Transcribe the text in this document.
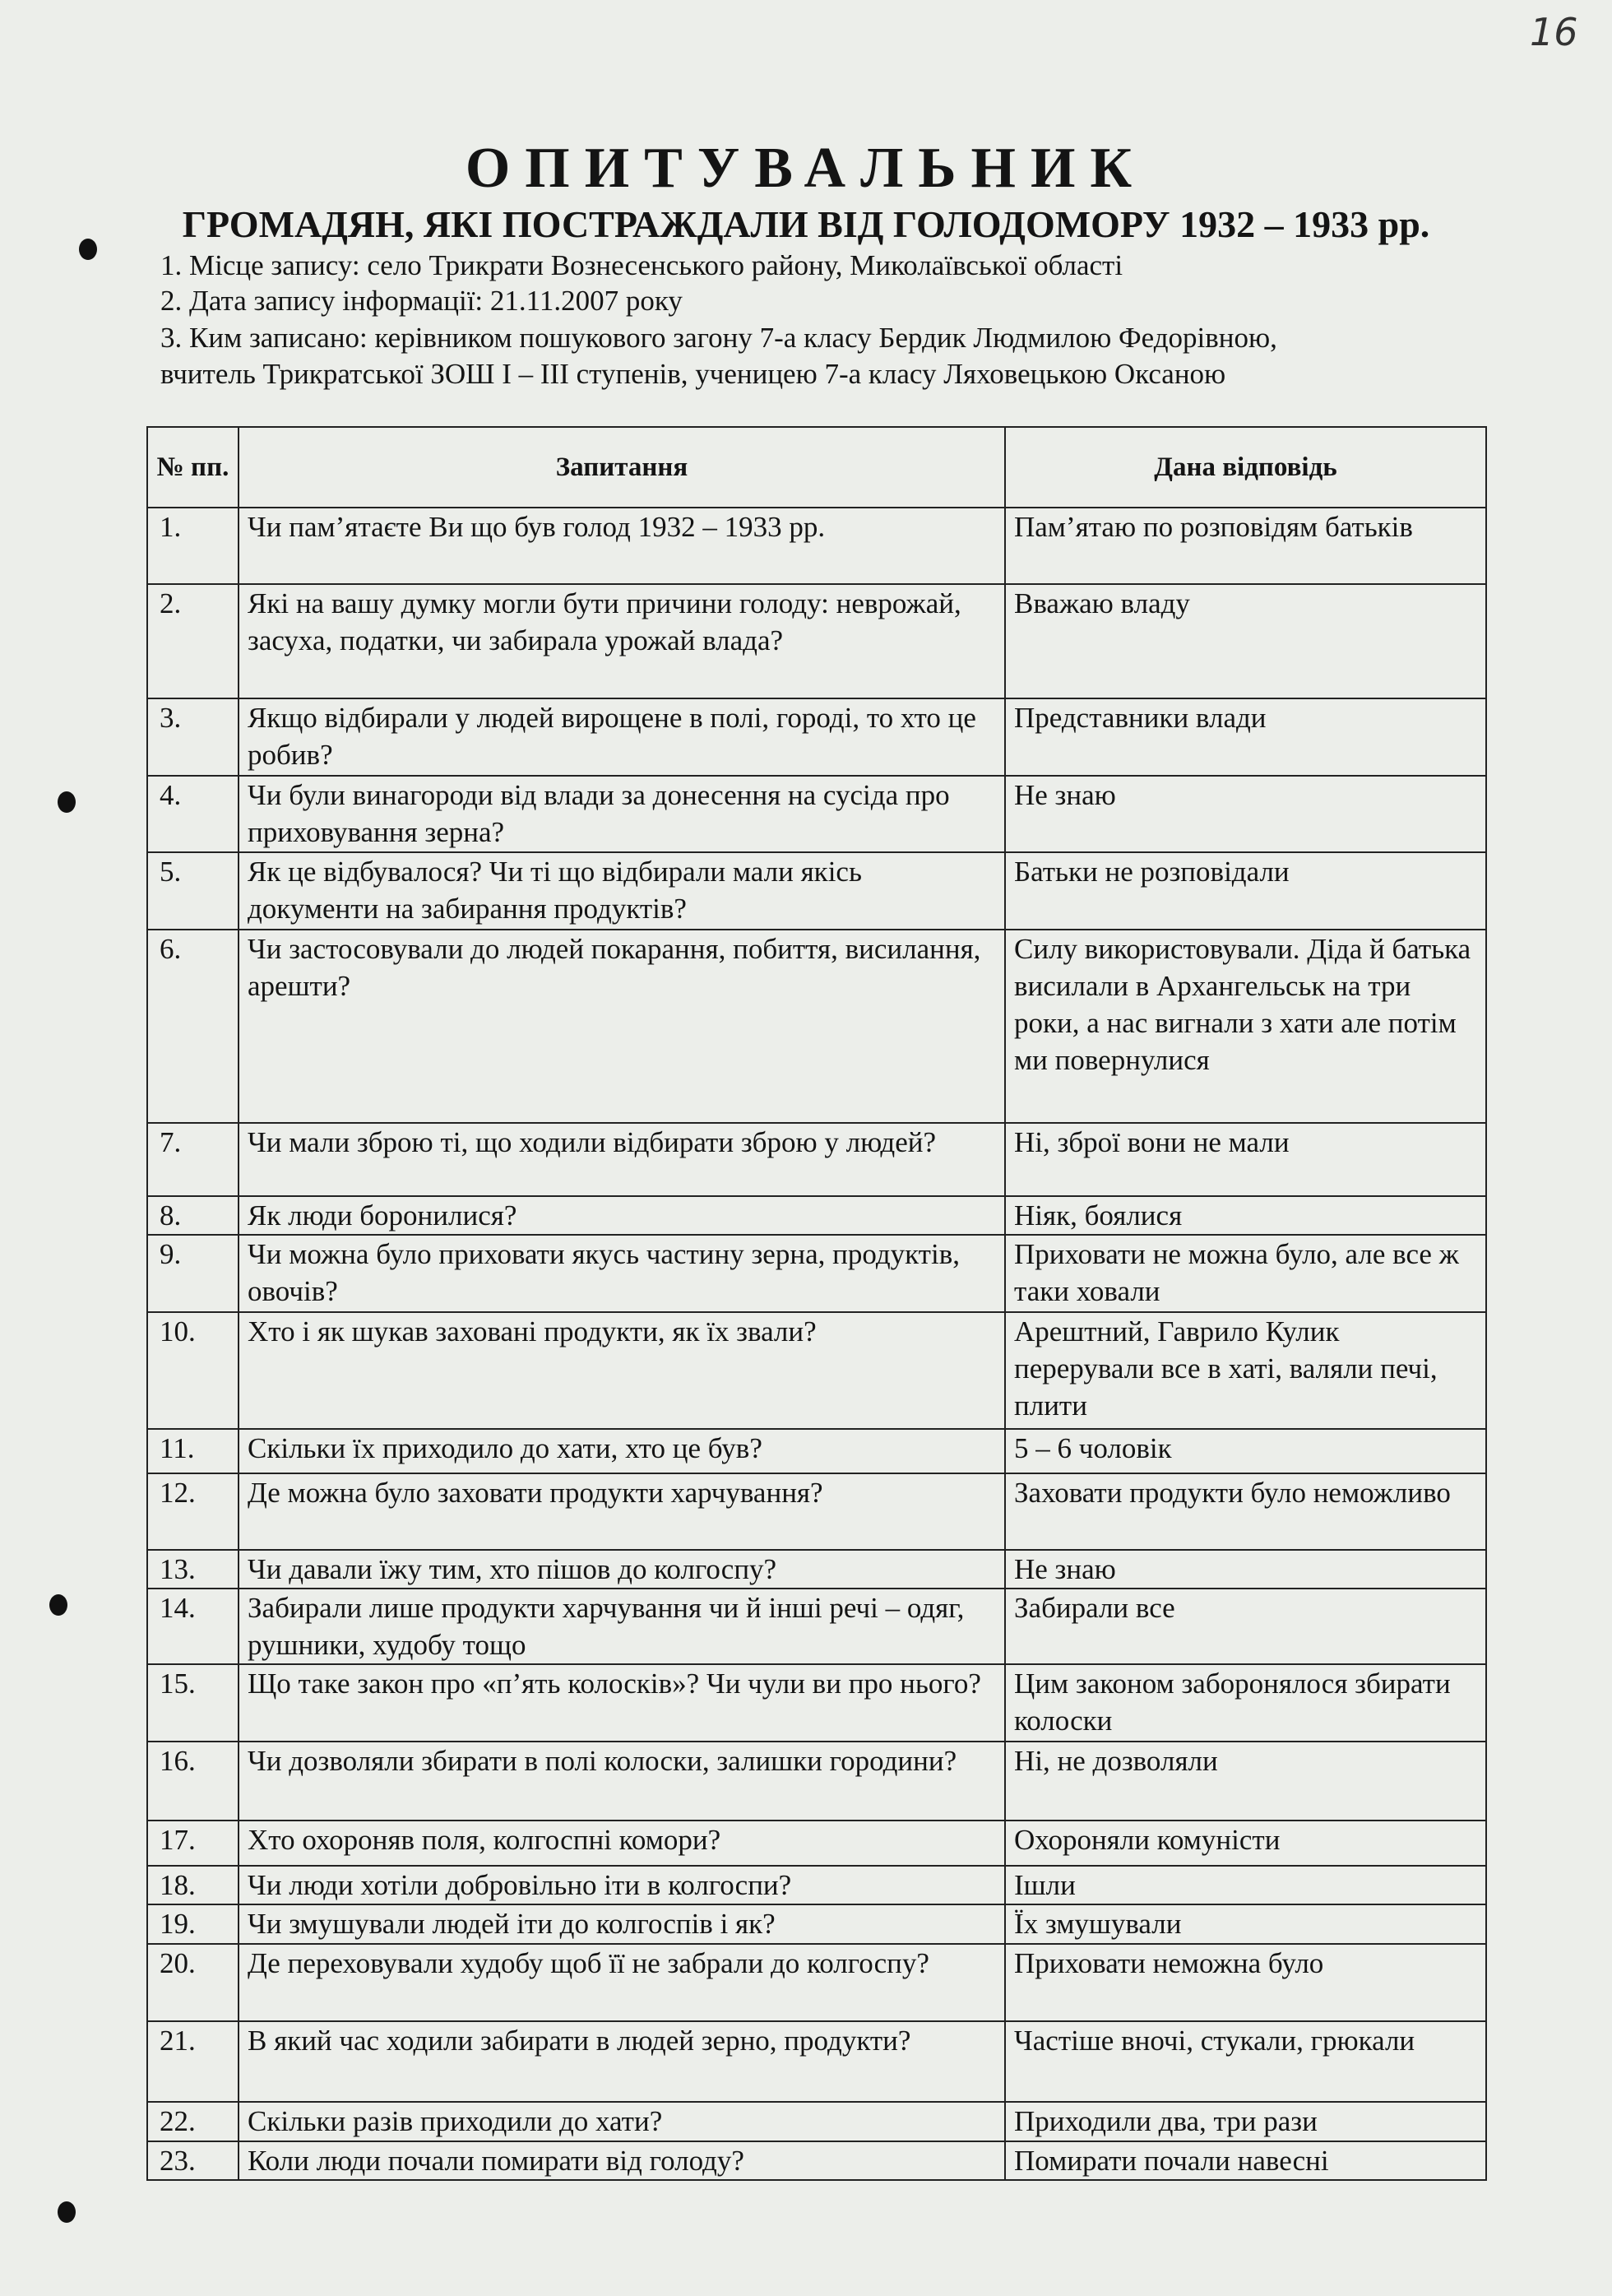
16
ОПИТУВАЛЬНИК
ГРОМАДЯН, ЯКІ ПОСТРАЖДАЛИ ВІД ГОЛОДОМОРУ 1932 – 1933 рр.
1. Місце запису: село Трикрати Вознесенського району, Миколаївської області
2. Дата запису інформації: 21.11.2007 року
3. Ким записано: керівником пошукового загону 7-а класу Бердик Людмилою Федорівною,
вчитель Трикратської ЗОШ І – ІІІ ступенів, ученицею 7-а класу Ляховецькою Оксаною
№ пп.	Запитання	Дана відповідь
1.	Чи пам’ятаєте Ви що був голод 1932 – 1933 рр.	Пам’ятаю по розповідям батьків
2.	Які на вашу думку могли бути причини голоду: неврожай, засуха, податки, чи забирала урожай влада?	Вважаю владу
3.	Якщо відбирали у людей вирощене в полі, городі, то хто це робив?	Представники влади
4.	Чи були винагороди від влади за донесення на сусіда про приховування зерна?	Не знаю
5.	Як це відбувалося? Чи ті що відбирали мали якісь документи на забирання продуктів?	Батьки не розповідали
6.	Чи застосовували до людей покарання, побиття, висилання, арешти?	Силу використовували. Діда й батька висилали в Архангельськ на три роки, а нас вигнали з хати але потім ми повернулися
7.	Чи мали зброю ті, що ходили відбирати зброю у людей?	Ні, зброї вони не мали
8.	Як люди боронилися?	Ніяк, боялися
9.	Чи можна було приховати якусь частину зерна, продуктів, овочів?	Приховати не можна було, але все ж таки ховали
10.	Хто і як шукав заховані продукти, як їх звали?	Арештний, Гаврило Кулик перерували все в хаті, валяли печі, плити
11.	Скільки їх приходило до хати, хто це був?	5 – 6 чоловік
12.	Де можна було заховати продукти харчування?	Заховати продукти було неможливо
13.	Чи давали їжу тим, хто пішов до колгоспу?	Не знаю
14.	Забирали лише продукти харчування чи й інші речі – одяг, рушники, худобу тощо	Забирали все
15.	Що таке закон про «п’ять колосків»? Чи чули ви про нього?	Цим законом заборонялося збирати колоски
16.	Чи дозволяли збирати в полі колоски, залишки городини?	Ні, не дозволяли
17.	Хто охороняв поля, колгоспні комори?	Охороняли комуністи
18.	Чи люди хотіли добровільно іти в колгоспи?	Ішли
19.	Чи змушували людей іти до колгоспів і як?	Їх змушували
20.	Де переховували худобу щоб її не забрали до колгоспу?	Приховати неможна було
21.	В який час ходили забирати в людей зерно, продукти?	Частіше вночі, стукали, грюкали
22.	Скільки разів приходили до хати?	Приходили два, три рази
23.	Коли люди почали помирати від голоду?	Помирати почали навесні
